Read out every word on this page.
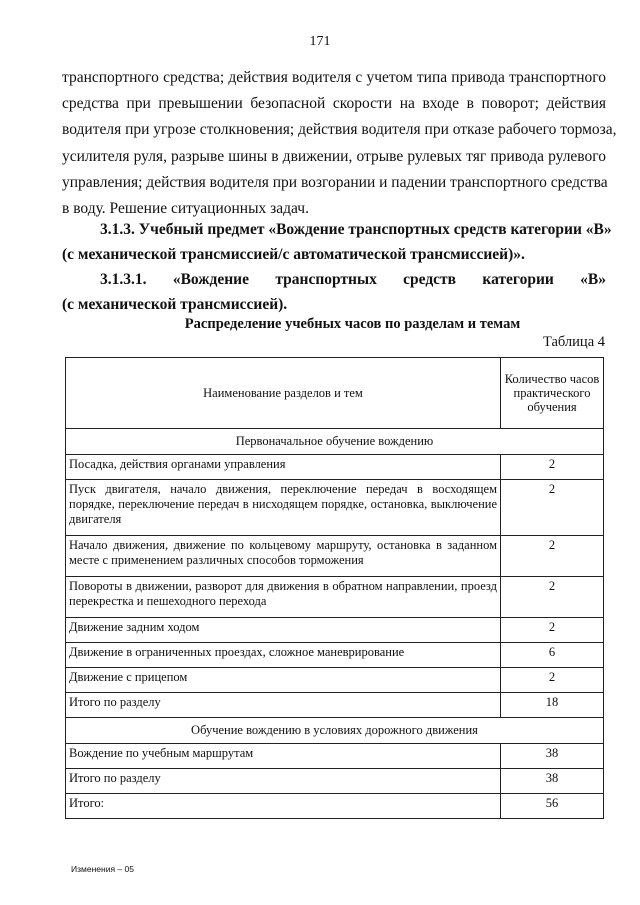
171
транспортного средства; действия водителя с учетом типа привода транспортного
средства при превышении безопасной скорости на входе в поворот; действия
водителя при угрозе столкновения; действия водителя при отказе рабочего тормоза,
усилителя руля, разрыве шины в движении, отрыве рулевых тяг привода рулевого
управления; действия водителя при возгорании и падении транспортного средства
в воду. Решение ситуационных задач.
3.1.3. Учебный предмет «Вождение транспортных средств категории «В»
(с механической трансмиссией/с автоматической трансмиссией)».
3.1.3.1. «Вождение транспортных средств категории «В»
(с механической трансмиссией).
Распределение учебных часов по разделам и темам
Таблица 4
Наименование разделов и тем	Количество часов практического обучения
Первоначальное обучение вождению	
Посадка, действия органами управления	2
Пуск двигателя, начало движения, переключение передач в восходящем порядке, переключение передач в нисходящем порядке, остановка, выключение двигателя	2
Начало движения, движение по кольцевому маршруту, остановка в заданном месте с применением различных способов торможения	2
Повороты в движении, разворот для движения в обратном направлении, проезд перекрестка и пешеходного перехода	2
Движение задним ходом	2
Движение в ограниченных проездах, сложное маневрирование	6
Движение с прицепом	2
Итого по разделу	18
Обучение вождению в условиях дорожного движения	
Вождение по учебным маршрутам	38
Итого по разделу	38
Итого:	56
Изменения – 05
